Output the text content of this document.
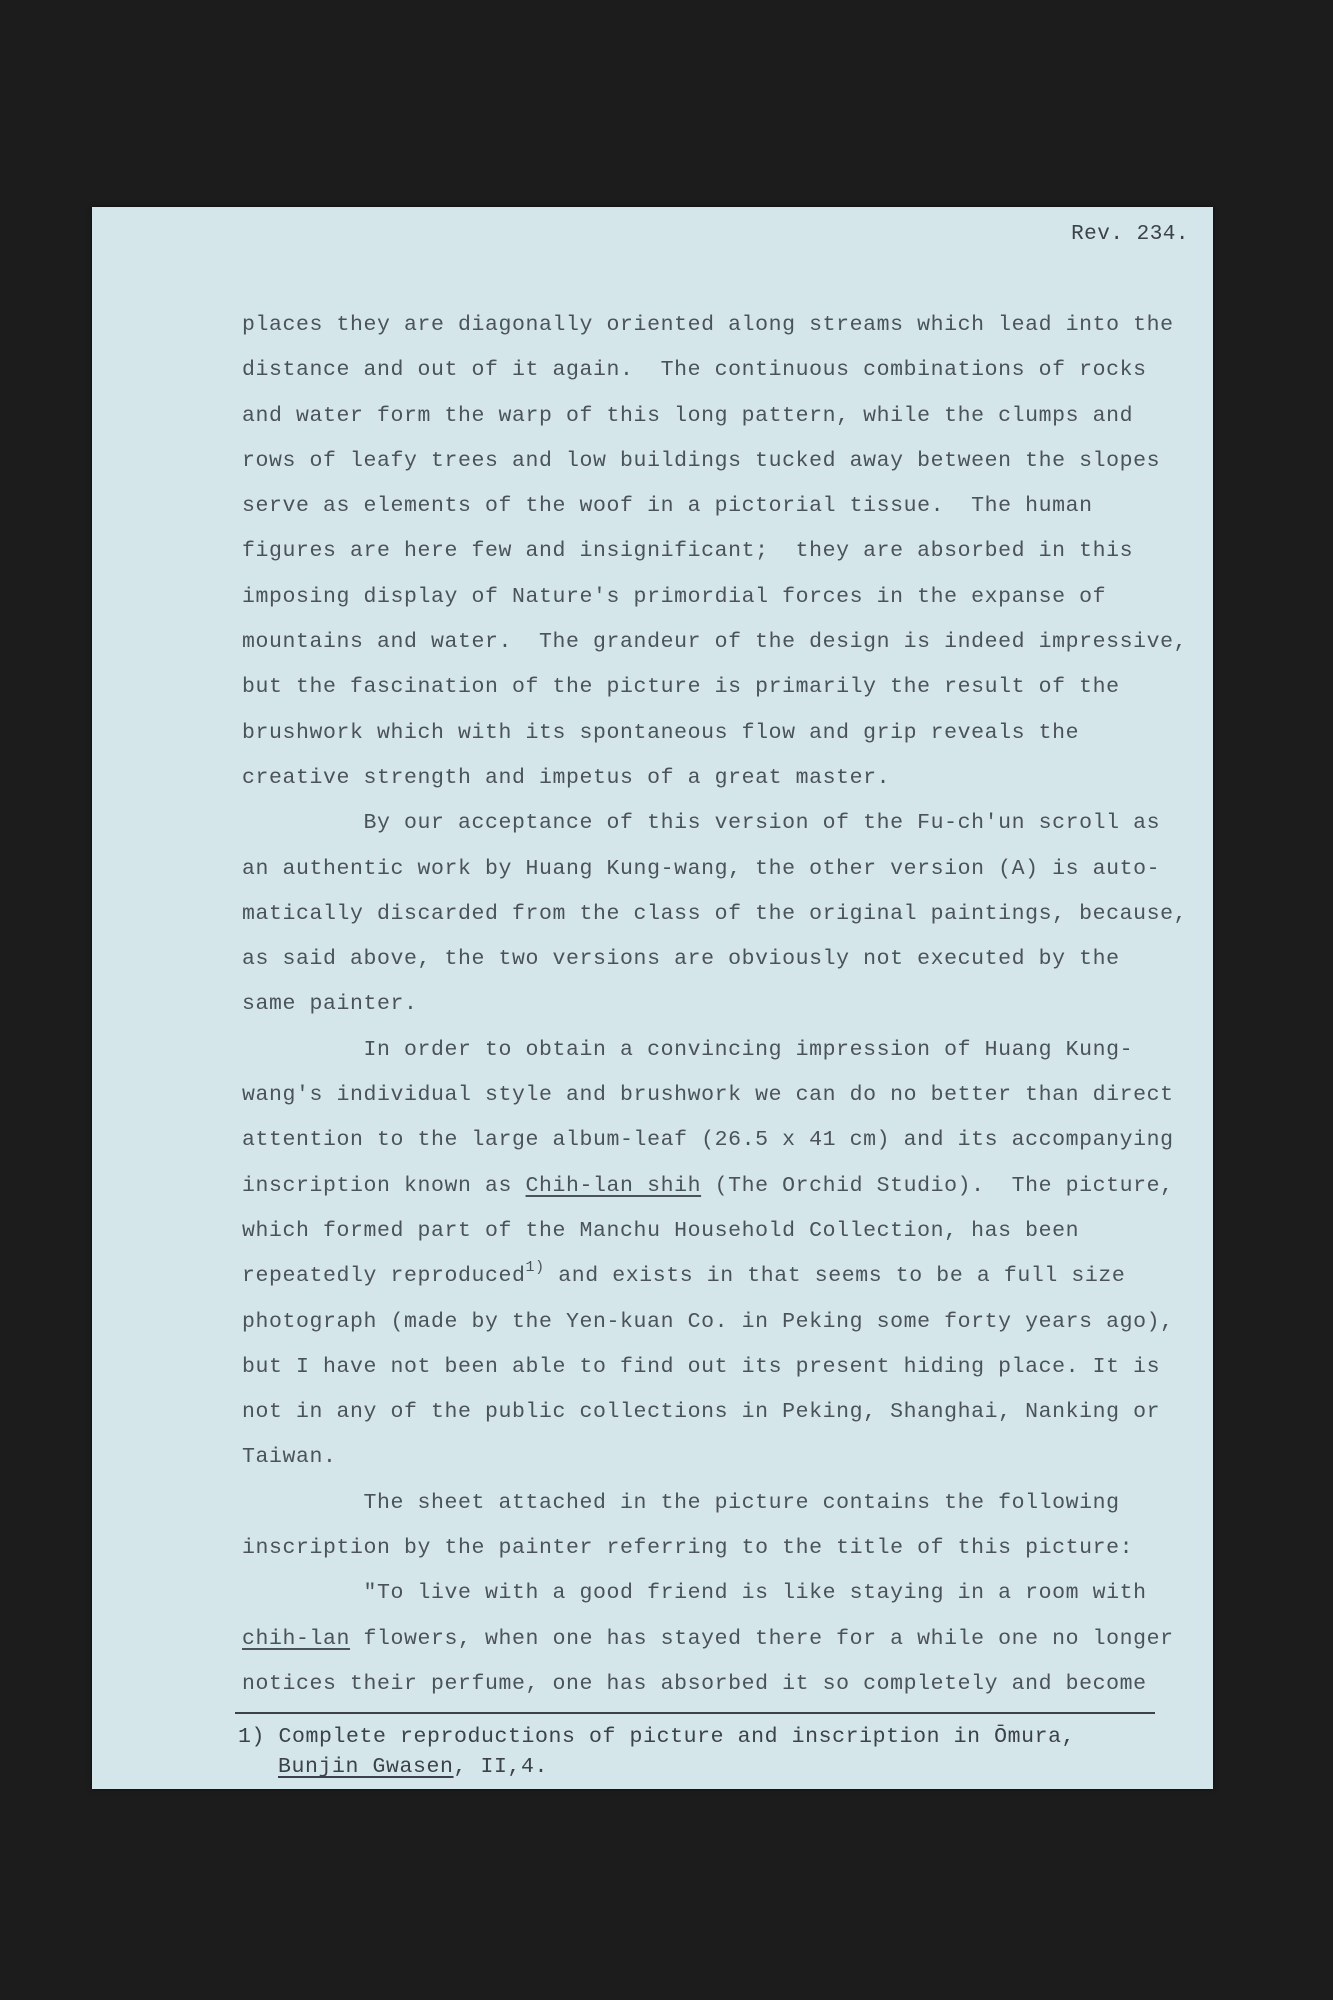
Rev. 234.
places they are diagonally oriented along streams which lead into the
distance and out of it again.  The continuous combinations of rocks
and water form the warp of this long pattern, while the clumps and
rows of leafy trees and low buildings tucked away between the slopes
serve as elements of the woof in a pictorial tissue.  The human
figures are here few and insignificant;  they are absorbed in this
imposing display of Nature's primordial forces in the expanse of
mountains and water.  The grandeur of the design is indeed impressive,
but the fascination of the picture is primarily the result of the
brushwork which with its spontaneous flow and grip reveals the
creative strength and impetus of a great master.
By our acceptance of this version of the Fu-ch'un scroll as
an authentic work by Huang Kung-wang, the other version (A) is auto-
matically discarded from the class of the original paintings, because,
as said above, the two versions are obviously not executed by the
same painter.
In order to obtain a convincing impression of Huang Kung-
wang's individual style and brushwork we can do no better than direct
attention to the large album-leaf (26.5 x 41 cm) and its accompanying
inscription known as Chih-lan shih (The Orchid Studio).  The picture,
which formed part of the Manchu Household Collection, has been
repeatedly reproduced$^{1)}$ and exists in that seems to be a full size
photograph (made by the Yen-kuan Co. in Peking some forty years ago),
but I have not been able to find out its present hiding place. It is
not in any of the public collections in Peking, Shanghai, Nanking or
Taiwan.
The sheet attached in the picture contains the following
inscription by the painter referring to the title of this picture:
"To live with a good friend is like staying in a room with
chih-lan flowers, when one has stayed there for a while one no longer
notices their perfume, one has absorbed it so completely and become
1) Complete reproductions of picture and inscription in Ōmura,
Bunjin Gwasen, II,4.
